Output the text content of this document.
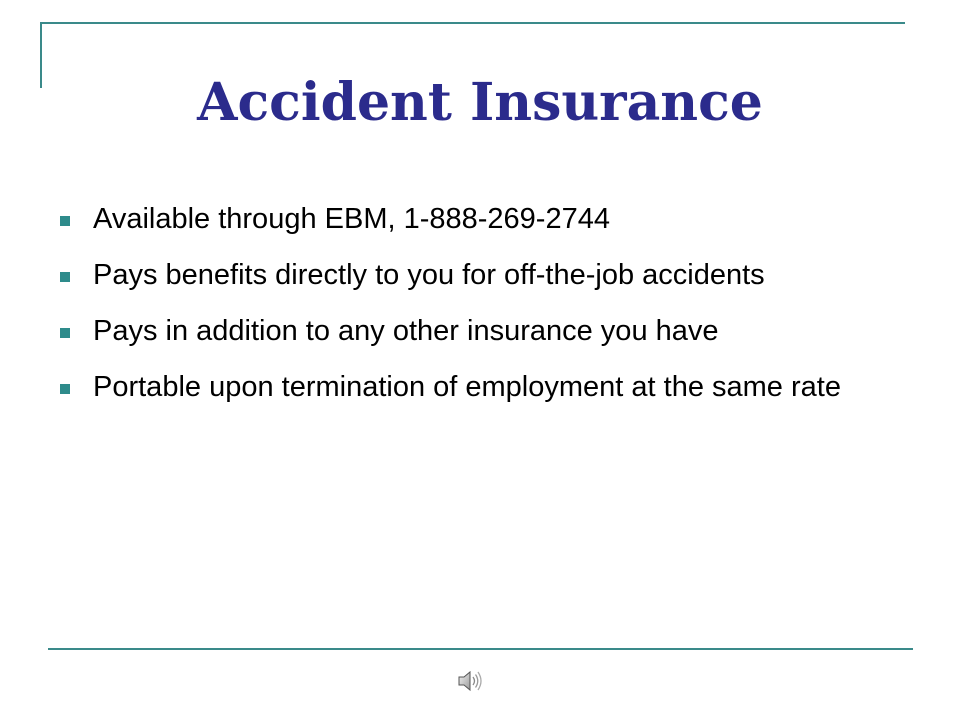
Accident Insurance
Available through EBM, 1-888-269-2744
Pays benefits directly to you for off-the-job accidents
Pays in addition to any other insurance you have
Portable upon termination of employment at the same rate
